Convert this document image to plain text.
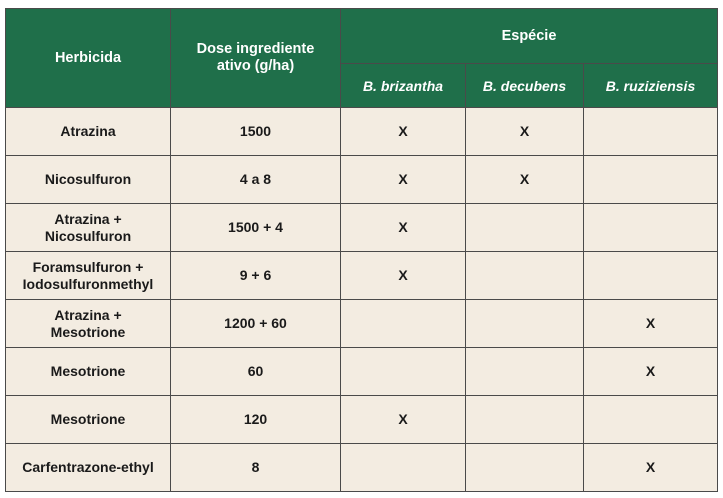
Herbicida	Dose ingrediente ativo (g/ha)	Espécie		
		B. brizantha	B. decubens	B. ruziziensis
Atrazina	1500	X	X	
Nicosulfuron	4 a 8	X	X	
Atrazina + Nicosulfuron	1500 + 4	X		
Foramsulfuron + Iodosulfuronmethyl	9 + 6	X		
Atrazina + Mesotrione	1200 + 60			X
Mesotrione	60			X
Mesotrione	120	X		
Carfentrazone-ethyl	8			X
